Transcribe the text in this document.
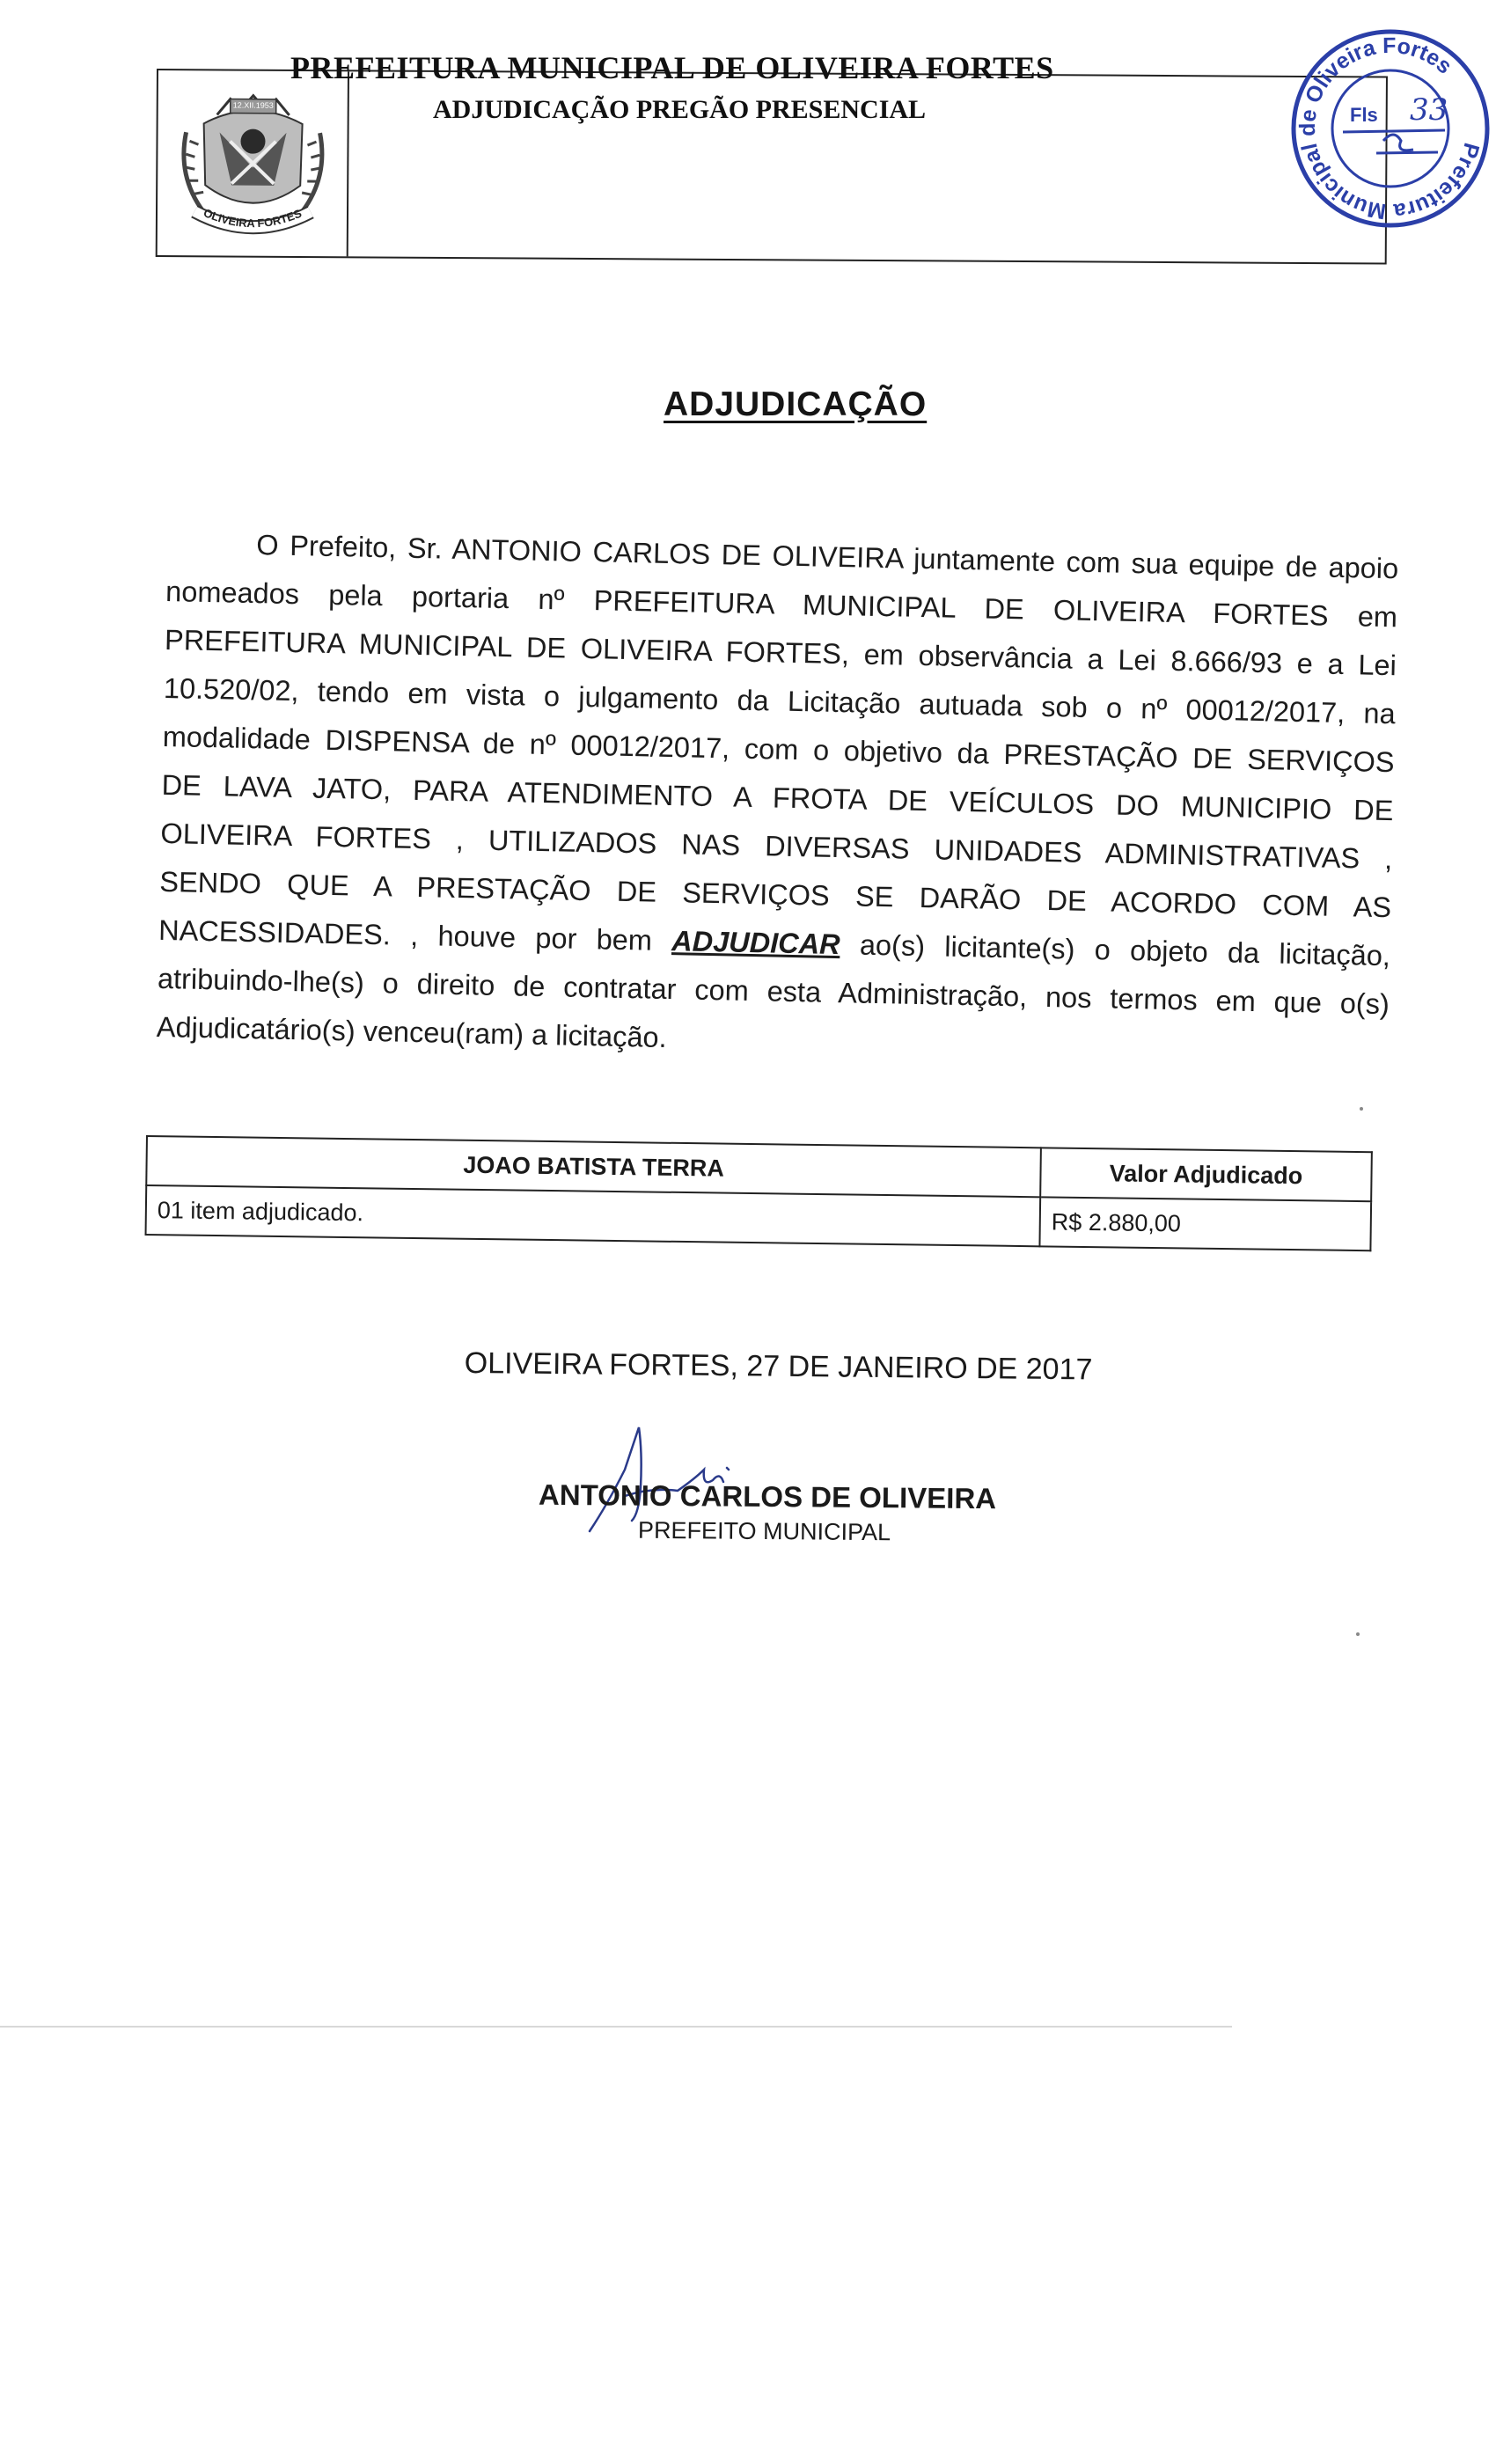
OLIVEIRA FORTES
12.XII.1953
PREFEITURA MUNICIPAL DE OLIVEIRA FORTES
ADJUDICAÇÃO PREGÃO PRESENCIAL
Prefeitura Municipal de Oliveira Fortes
Fls 33
ADJUDICAÇÃO
O Prefeito, Sr. ANTONIO CARLOS DE OLIVEIRA juntamente com sua equipe de apoio
nomeados pela portaria nº PREFEITURA MUNICIPAL DE OLIVEIRA FORTES em
PREFEITURA MUNICIPAL DE OLIVEIRA FORTES, em observância a Lei 8.666/93 e a Lei
10.520/02, tendo em vista o julgamento da Licitação autuada sob o nº 00012/2017, na
modalidade DISPENSA de nº 00012/2017, com o objetivo da PRESTAÇÃO DE SERVIÇOS
DE LAVA JATO, PARA ATENDIMENTO A FROTA DE VEÍCULOS DO MUNICIPIO DE
OLIVEIRA FORTES , UTILIZADOS NAS DIVERSAS UNIDADES ADMINISTRATIVAS ,
SENDO QUE A PRESTAÇÃO DE SERVIÇOS SE DARÃO DE ACORDO COM AS
NACESSIDADES. , houve por bem ADJUDICAR ao(s) licitante(s) o objeto da licitação,
atribuindo-lhe(s) o direito de contratar com esta Administração, nos termos em que o(s)
Adjudicatário(s) venceu(ram) a licitação.
JOAO BATISTA TERRA	Valor Adjudicado
01 item adjudicado.	R$ 2.880,00
OLIVEIRA FORTES, 27 DE JANEIRO DE 2017
ANTONIO CARLOS DE OLIVEIRA
PREFEITO MUNICIPAL
